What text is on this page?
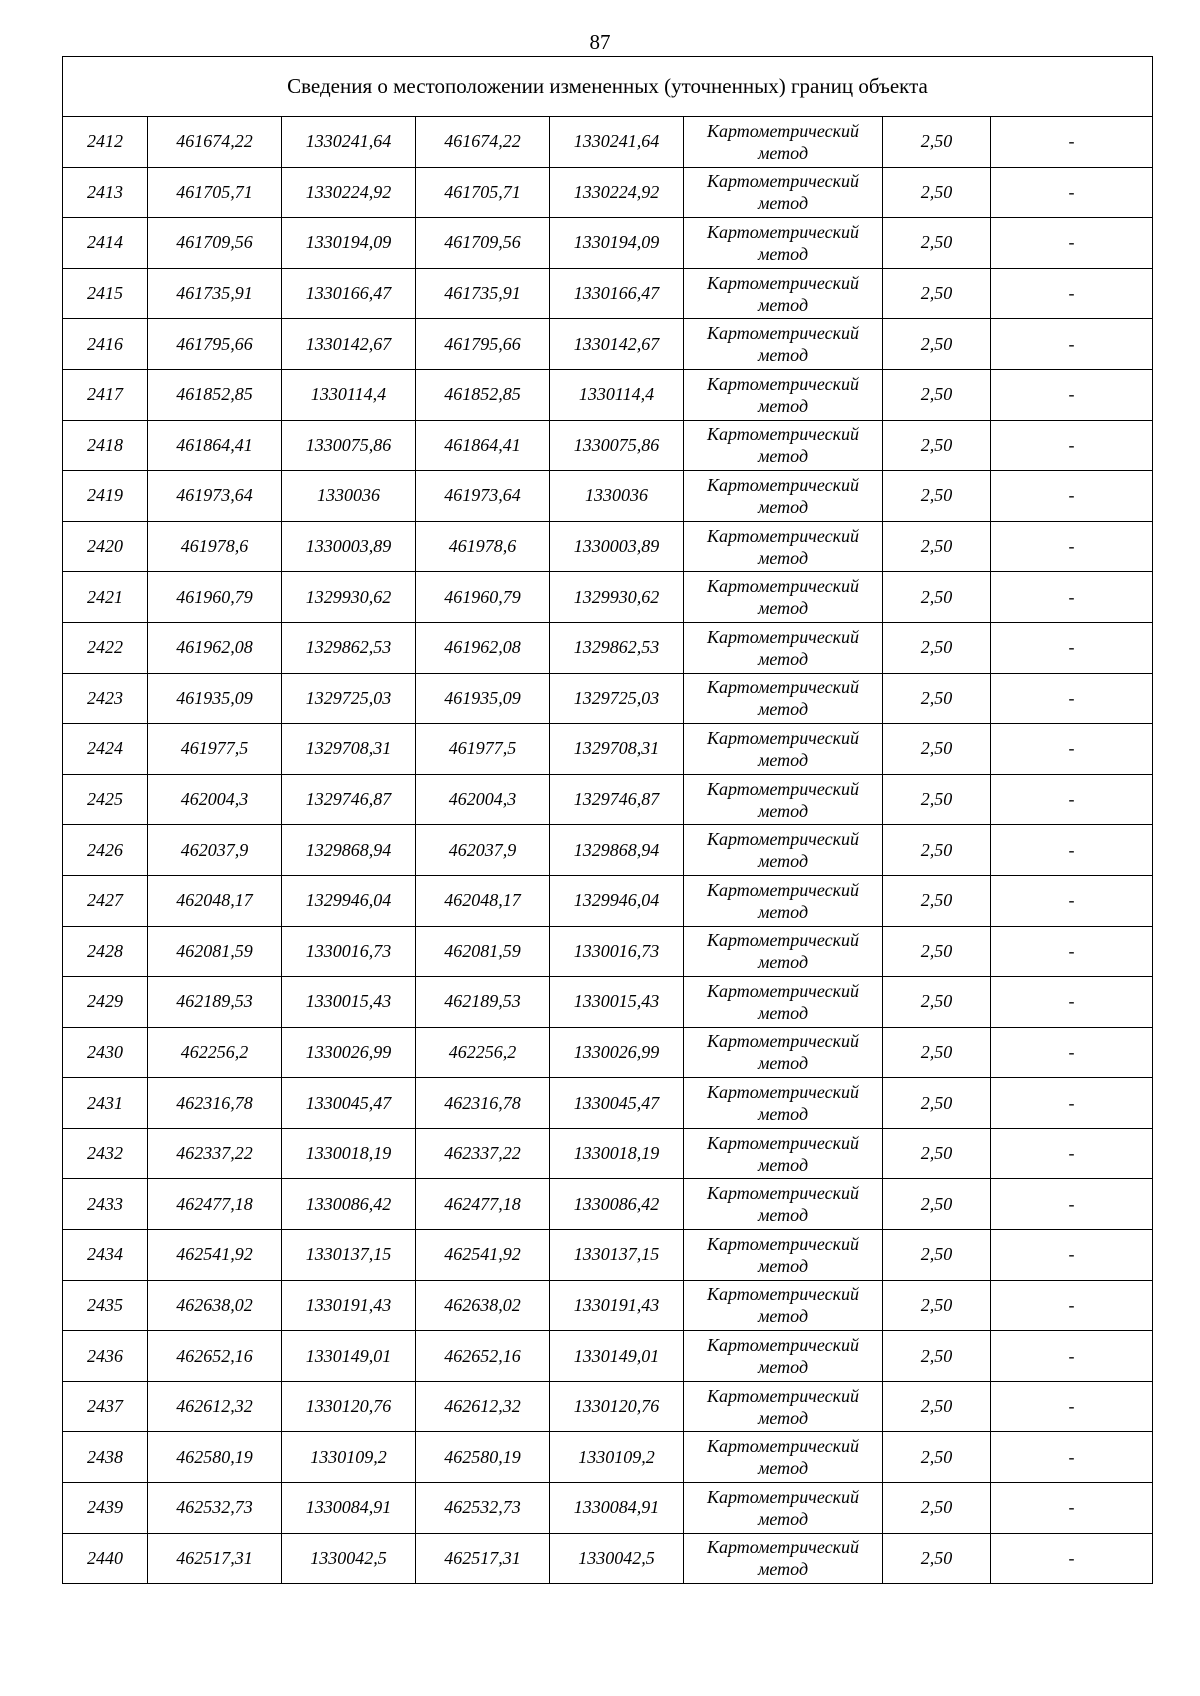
87
Сведения о местоположении измененных (уточненных) границ объекта							
2412	461674,22	1330241,64	461674,22	1330241,64	Картометрический
метод	2,50	-
2413	461705,71	1330224,92	461705,71	1330224,92	Картометрический
метод	2,50	-
2414	461709,56	1330194,09	461709,56	1330194,09	Картометрический
метод	2,50	-
2415	461735,91	1330166,47	461735,91	1330166,47	Картометрический
метод	2,50	-
2416	461795,66	1330142,67	461795,66	1330142,67	Картометрический
метод	2,50	-
2417	461852,85	1330114,4	461852,85	1330114,4	Картометрический
метод	2,50	-
2418	461864,41	1330075,86	461864,41	1330075,86	Картометрический
метод	2,50	-
2419	461973,64	1330036	461973,64	1330036	Картометрический
метод	2,50	-
2420	461978,6	1330003,89	461978,6	1330003,89	Картометрический
метод	2,50	-
2421	461960,79	1329930,62	461960,79	1329930,62	Картометрический
метод	2,50	-
2422	461962,08	1329862,53	461962,08	1329862,53	Картометрический
метод	2,50	-
2423	461935,09	1329725,03	461935,09	1329725,03	Картометрический
метод	2,50	-
2424	461977,5	1329708,31	461977,5	1329708,31	Картометрический
метод	2,50	-
2425	462004,3	1329746,87	462004,3	1329746,87	Картометрический
метод	2,50	-
2426	462037,9	1329868,94	462037,9	1329868,94	Картометрический
метод	2,50	-
2427	462048,17	1329946,04	462048,17	1329946,04	Картометрический
метод	2,50	-
2428	462081,59	1330016,73	462081,59	1330016,73	Картометрический
метод	2,50	-
2429	462189,53	1330015,43	462189,53	1330015,43	Картометрический
метод	2,50	-
2430	462256,2	1330026,99	462256,2	1330026,99	Картометрический
метод	2,50	-
2431	462316,78	1330045,47	462316,78	1330045,47	Картометрический
метод	2,50	-
2432	462337,22	1330018,19	462337,22	1330018,19	Картометрический
метод	2,50	-
2433	462477,18	1330086,42	462477,18	1330086,42	Картометрический
метод	2,50	-
2434	462541,92	1330137,15	462541,92	1330137,15	Картометрический
метод	2,50	-
2435	462638,02	1330191,43	462638,02	1330191,43	Картометрический
метод	2,50	-
2436	462652,16	1330149,01	462652,16	1330149,01	Картометрический
метод	2,50	-
2437	462612,32	1330120,76	462612,32	1330120,76	Картометрический
метод	2,50	-
2438	462580,19	1330109,2	462580,19	1330109,2	Картометрический
метод	2,50	-
2439	462532,73	1330084,91	462532,73	1330084,91	Картометрический
метод	2,50	-
2440	462517,31	1330042,5	462517,31	1330042,5	Картометрический
метод	2,50	-
